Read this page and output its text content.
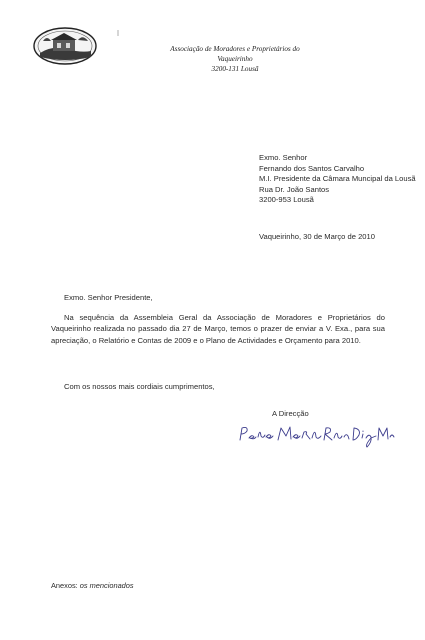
Associação de Moradores e Proprietários do
Vaqueirinho
3200-131 Lousã
Exmo. Senhor
Fernando dos Santos Carvalho
M.I. Presidente da Câmara Muncipal da Lousã
Rua Dr. João Santos
3200-953 Lousã
Vaqueirinho, 30 de Março de 2010
Exmo. Senhor Presidente,
Na sequência da Assembleia Geral da Associação de Moradores e Proprietários do Vaqueirinho realizada no passado dia 27 de Março, temos o prazer de enviar a V. Exa., para sua apreciação, o Relatório e Contas de 2009 e o Plano de Actividades e Orçamento para 2010.
Com os nossos mais cordiais cumprimentos,
A Direcção
Anexos: os mencionados
